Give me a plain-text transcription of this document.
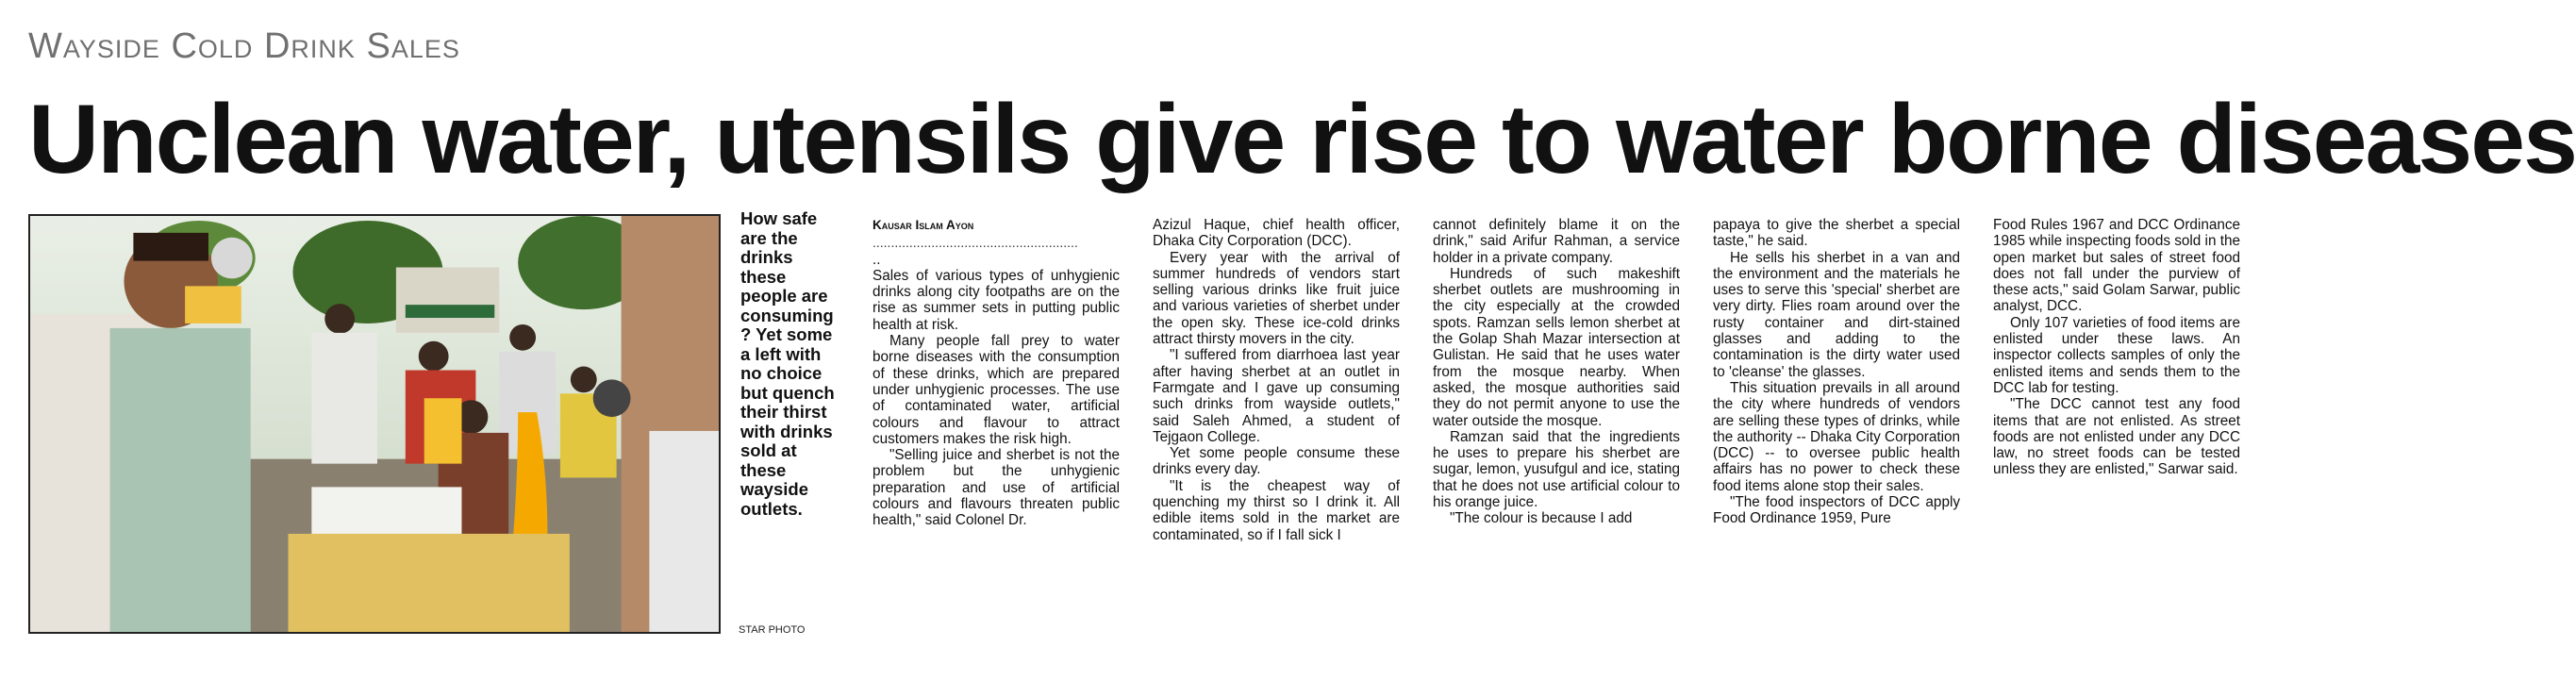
Wayside Cold Drink Sales
Unclean water, utensils give rise to water borne diseases
How safe are the drinks these people are consuming ? Yet some a left with no choice but quench their thirst with drinks sold at these wayside outlets.
STAR PHOTO
Kausar Islam Ayon
........................................................

..
Sales of various types of unhygienic drinks along city footpaths are on the rise as summer sets in putting public health at risk.

Many people fall prey to water borne diseases with the consumption of these drinks, which are prepared under unhygienic processes. The use of contaminated water, artificial colours and flavour to attract customers makes the risk high.

"Selling juice and sherbet is not the problem but the unhygienic preparation and use of artificial colours and flavours threaten public health," said Colonel Dr.

Azizul Haque, chief health officer, Dhaka City Corporation (DCC).

Every year with the arrival of summer hundreds of vendors start selling various drinks like fruit juice and various varieties of sherbet under the open sky. These ice-cold drinks attract thirsty movers in the city.

"I suffered from diarrhoea last year after having sherbet at an outlet in Farmgate and I gave up consuming such drinks from wayside outlets," said Saleh Ahmed, a student of Tejgaon College.

Yet some people consume these drinks every day.

"It is the cheapest way of quenching my thirst so I drink it. All edible items sold in the market are contaminated, so if I fall sick I

cannot definitely blame it on the drink," said Arifur Rahman, a service holder in a private company.

Hundreds of such makeshift sherbet outlets are mushrooming in the city especially at the crowded spots. Ramzan sells lemon sherbet at the Golap Shah Mazar intersection at Gulistan. He said that he uses water from the mosque nearby. When asked, the mosque authorities said they do not permit anyone to use the water outside the mosque.

Ramzan said that the ingredients he uses to prepare his sherbet are sugar, lemon, yusufgul and ice, stating that he does not use artificial colour to his orange juice.

"The colour is because I add

papaya to give the sherbet a special taste," he said.

He sells his sherbet in a van and the environment and the materials he uses to serve this 'special' sherbet are very dirty. Flies roam around over the rusty container and dirt-stained glasses and adding to the contamination is the dirty water used to 'cleanse' the glasses.

This situation prevails in all around the city where hundreds of vendors are selling these types of drinks, while the authority -- Dhaka City Corporation (DCC) -- to oversee public health affairs has no power to check these food items alone stop their sales.

"The food inspectors of DCC apply Food Ordinance 1959, Pure

Food Rules 1967 and DCC Ordinance 1985 while inspecting foods sold in the open market but sales of street food does not fall under the purview of these acts," said Golam Sarwar, public analyst, DCC.

Only 107 varieties of food items are enlisted under these laws. An inspector collects samples of only the enlisted items and sends them to the DCC lab for testing.

"The DCC cannot test any food items that are not enlisted. As street foods are not enlisted under any DCC law, no street foods can be tested unless they are enlisted," Sarwar said.
